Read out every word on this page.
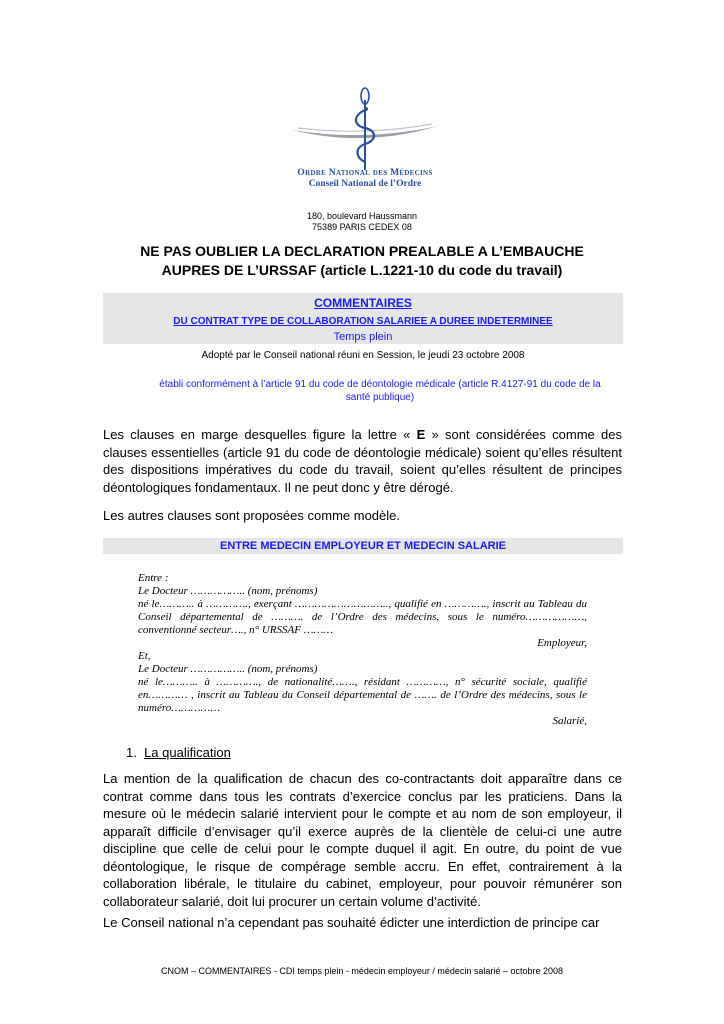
Ordre National des Médecins
Conseil National de l’Ordre
180, boulevard Haussmann
75389 PARIS CEDEX 08
NE PAS OUBLIER LA DECLARATION PREALABLE A L’EMBAUCHE
AUPRES DE L’URSSAF (article L.1221-10 du code du travail)
COMMENTAIRES
DU CONTRAT TYPE DE COLLABORATION SALARIEE A DUREE INDETERMINEE
Temps plein
Adopté par le Conseil national réuni en Session, le jeudi 23 octobre 2008
établi conformément à l’article 91 du code de déontologie médicale (article R.4127-91 du code de la santé publique)
Les clauses en marge desquelles figure la lettre « E » sont considérées comme des clauses essentielles (article 91 du code de déontologie médicale) soient qu’elles résultent des dispositions impératives du code du travail, soient qu’elles résultent de principes déontologiques fondamentaux. Il ne peut donc y être dérogé.
Les autres clauses sont proposées comme modèle.
ENTRE MEDECIN EMPLOYEUR ET MEDECIN SALARIE
Entre :
Le Docteur …………….. (nom, prénoms)
né le……….. à …………., exerçant ……………………….., qualifié en …………., inscrit au Tableau du Conseil départemental de ………. de l’Ordre des médecins, sous le numéro………………, conventionné secteur…., n° URSSAF ………
Employeur,
Et,
Le Docteur …………….. (nom, prénoms)
né le……….. à …………., de nationalité……., résidant …………, n° sécurité sociale, qualifié en………… , inscrit au Tableau du Conseil départemental de ……. de l’Ordre des médecins, sous le numéro……………
Salarié,
1. La qualification
La mention de la qualification de chacun des co-contractants doit apparaître dans ce contrat comme dans tous les contrats d’exercice conclus par les praticiens. Dans la mesure où le médecin salarié intervient pour le compte et au nom de son employeur, il apparaît difficile d’envisager qu’il exerce auprès de la clientèle de celui-ci une autre discipline que celle de celui pour le compte duquel il agit. En outre, du point de vue déontologique, le risque de compérage semble accru. En effet, contrairement à la collaboration libérale, le titulaire du cabinet, employeur, pour pouvoir rémunérer son collaborateur salarié, doit lui procurer un certain volume d’activité.
Le Conseil national n’a cependant pas souhaité édicter une interdiction de principe car
CNOM – COMMENTAIRES - CDI temps plein - médecin employeur / médecin salarié – octobre 2008
